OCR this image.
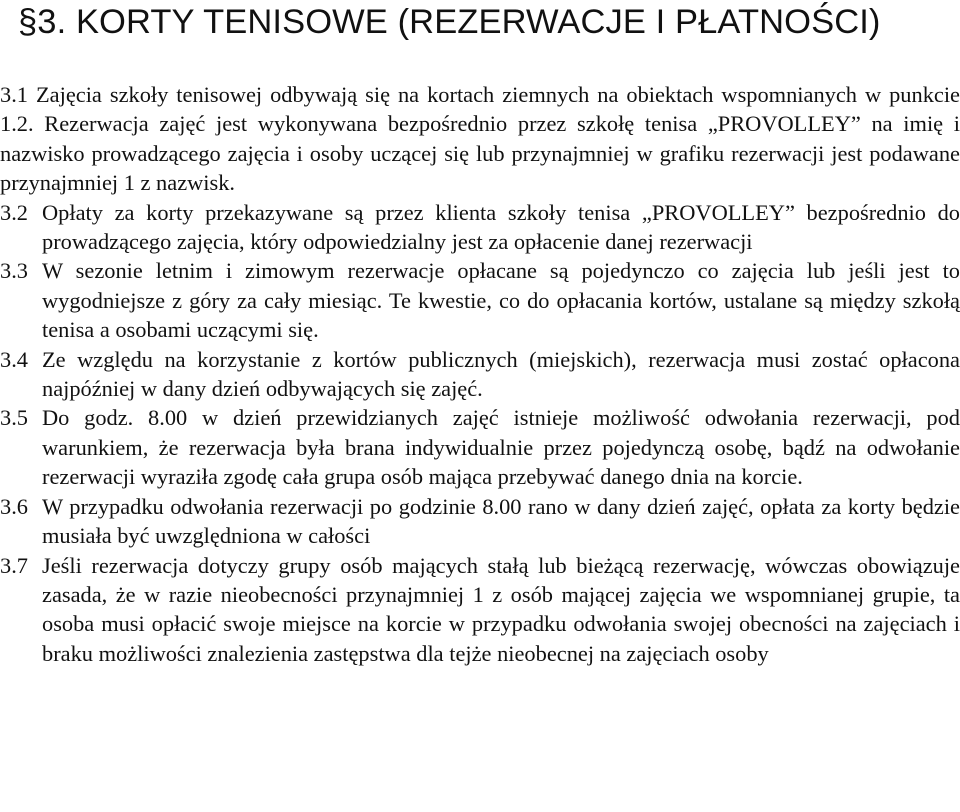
§3. KORTY TENISOWE (REZERWACJE I PŁATNOŚCI)
3.1 Zajęcia szkoły tenisowej odbywają się na kortach ziemnych na obiektach wspomnianych w punkcie 1.2. Rezerwacja zajęć jest wykonywana bezpośrednio przez szkołę tenisa „PROVOLLEY” na imię i nazwisko prowadzącego zajęcia i osoby uczącej się lub przynajmniej w grafiku rezerwacji jest podawane przynajmniej 1 z nazwisk.
3.2 Opłaty za korty przekazywane są przez klienta szkoły tenisa „PROVOLLEY” bezpośrednio do prowadzącego zajęcia, który odpowiedzialny jest za opłacenie danej rezerwacji
3.3 W sezonie letnim i zimowym rezerwacje opłacane są pojedynczo co zajęcia lub jeśli jest to wygodniejsze z góry za cały miesiąc. Te kwestie, co do opłacania kortów, ustalane są między szkołą tenisa a osobami uczącymi się.
3.4 Ze względu na korzystanie z kortów publicznych (miejskich), rezerwacja musi zostać opłacona najpóźniej w dany dzień odbywających się zajęć.
3.5 Do godz. 8.00 w dzień przewidzianych zajęć istnieje możliwość odwołania rezerwacji, pod warunkiem, że rezerwacja była brana indywidualnie przez pojedynczą osobę, bądź na odwołanie rezerwacji wyraziła zgodę cała grupa osób mająca przebywać danego dnia na korcie.
3.6 W przypadku odwołania rezerwacji po godzinie 8.00 rano w dany dzień zajęć, opłata za korty będzie musiała być uwzględniona w całości
3.7 Jeśli rezerwacja dotyczy grupy osób mających stałą lub bieżącą rezerwację, wówczas obowiązuje zasada, że w razie nieobecności przynajmniej 1 z osób mającej zajęcia we wspomnianej grupie, ta osoba musi opłacić swoje miejsce na korcie w przypadku odwołania swojej obecności na zajęciach i braku możliwości znalezienia zastępstwa dla tejże nieobecnej na zajęciach osoby
